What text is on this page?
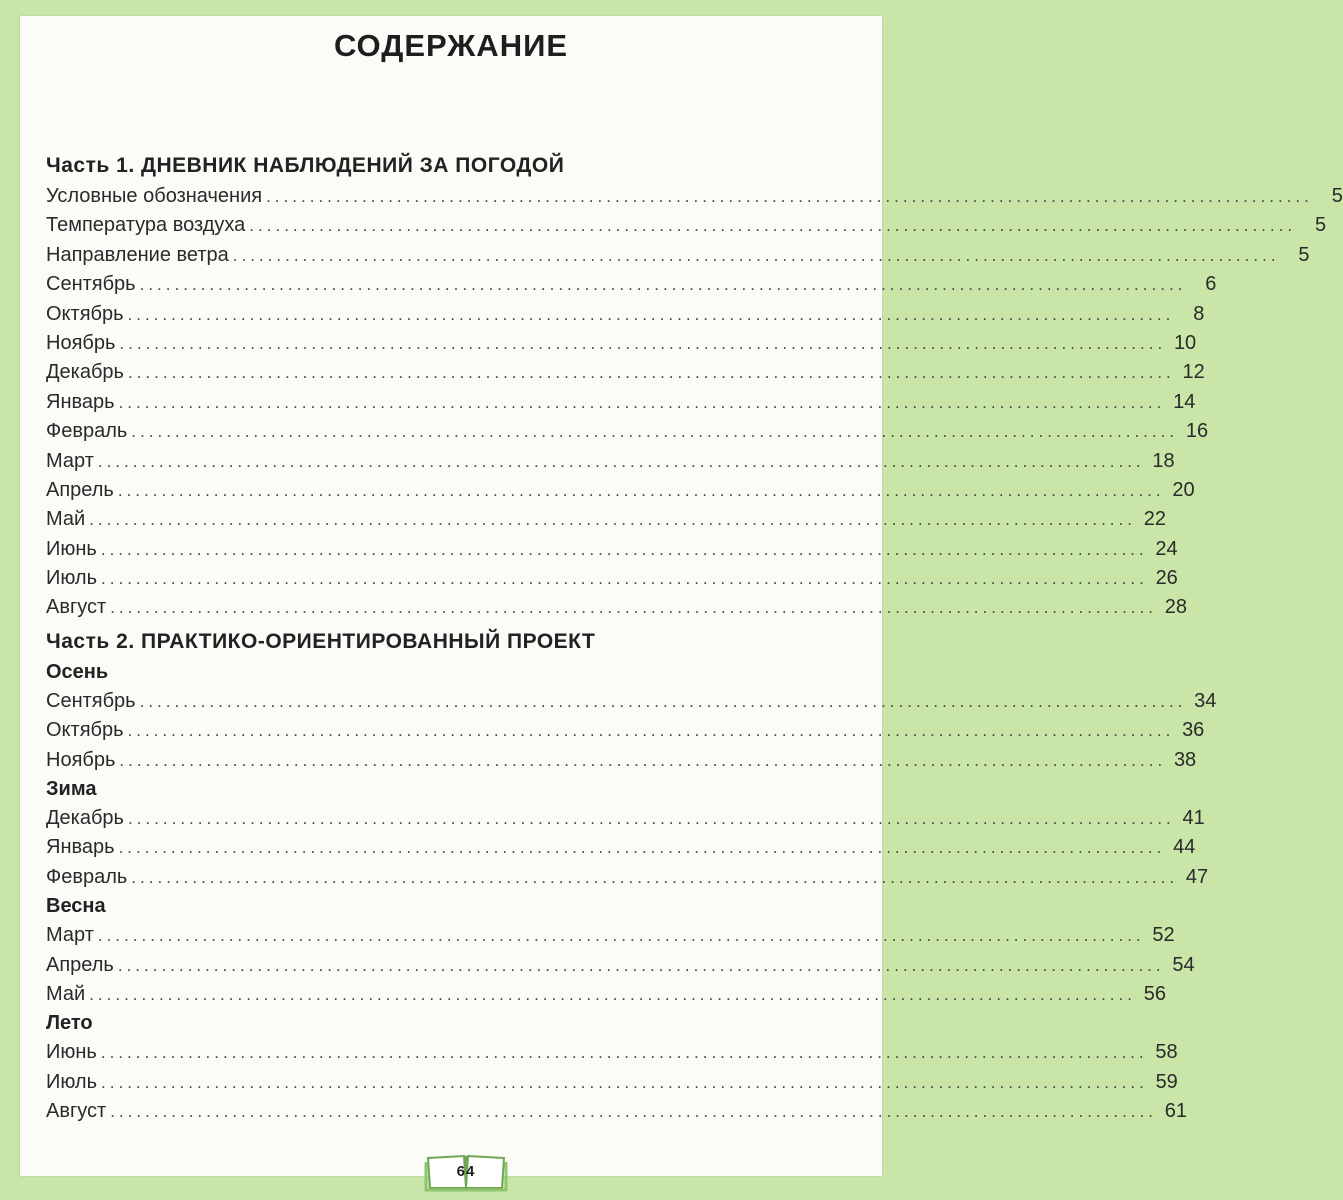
СОДЕРЖАНИЕ
Часть 1. ДНЕВНИК НАБЛЮДЕНИЙ ЗА ПОГОДОЙ
Условные обозначения ........................................................................................................................ 5
Температура воздуха ........................................................................................................................ 5
Направление ветра ........................................................................................................................ 5
Сентябрь ........................................................................................................................ 6
Октябрь ........................................................................................................................ 8
Ноябрь ........................................................................................................................ 10
Декабрь ........................................................................................................................ 12
Январь ........................................................................................................................ 14
Февраль ........................................................................................................................ 16
Март ........................................................................................................................ 18
Апрель ........................................................................................................................ 20
Май ........................................................................................................................ 22
Июнь ........................................................................................................................ 24
Июль ........................................................................................................................ 26
Август ........................................................................................................................ 28
Часть 2. ПРАКТИКО-ОРИЕНТИРОВАННЫЙ ПРОЕКТ
Осень
Сентябрь ........................................................................................................................ 34
Октябрь ........................................................................................................................ 36
Ноябрь ........................................................................................................................ 38
Зима
Декабрь ........................................................................................................................ 41
Январь ........................................................................................................................ 44
Февраль ........................................................................................................................ 47
Весна
Март ........................................................................................................................ 52
Апрель ........................................................................................................................ 54
Май ........................................................................................................................ 56
Лето
Июнь ........................................................................................................................ 58
Июль ........................................................................................................................ 59
Август ........................................................................................................................ 61
64
